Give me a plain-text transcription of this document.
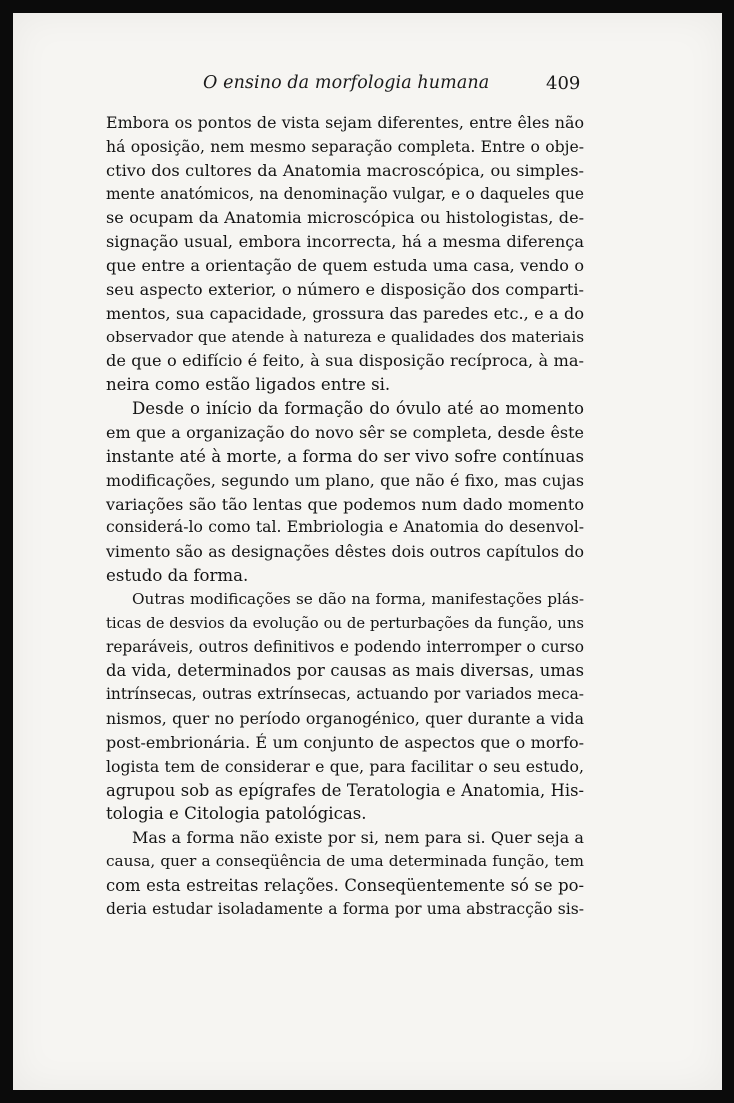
O ensino da morfologia humana	409
Embora os pontos de vista sejam diferentes, entre êles não
há oposição, nem mesmo separação completa. Entre o obje-
ctivo dos cultores da Anatomia macroscópica, ou simples-
mente anatómicos, na denominação vulgar, e o daqueles que
se ocupam da Anatomia microscópica ou histologistas, de-
signação usual, embora incorrecta, há a mesma diferença
que entre a orientação de quem estuda uma casa, vendo o
seu aspecto exterior, o número e disposição dos comparti-
mentos, sua capacidade, grossura das paredes etc., e a do
observador que atende à natureza e qualidades dos materiais
de que o edifício é feito, à sua disposição recíproca, à ma-
neira como estão ligados entre si.
Desde o início da formação do óvulo até ao momento
em que a organização do novo sêr se completa, desde êste
instante até à morte, a forma do ser vivo sofre contínuas
modificações, segundo um plano, que não é fixo, mas cujas
variações são tão lentas que podemos num dado momento
considerá-lo como tal. Embriologia e Anatomia do desenvol-
vimento são as designações dêstes dois outros capítulos do
estudo da forma.
Outras modificações se dão na forma, manifestações plás-
ticas de desvios da evolução ou de perturbações da função, uns
reparáveis, outros definitivos e podendo interromper o curso
da vida, determinados por causas as mais diversas, umas
intrínsecas, outras extrínsecas, actuando por variados meca-
nismos, quer no período organogénico, quer durante a vida
post-embrionária. É um conjunto de aspectos que o morfo-
logista tem de considerar e que, para facilitar o seu estudo,
agrupou sob as epígrafes de Teratologia e Anatomia, His-
tologia e Citologia patológicas.
Mas a forma não existe por si, nem para si. Quer seja a
causa, quer a conseqüência de uma determinada função, tem
com esta estreitas relações. Conseqüentemente só se po-
deria estudar isoladamente a forma por uma abstracção sis-
